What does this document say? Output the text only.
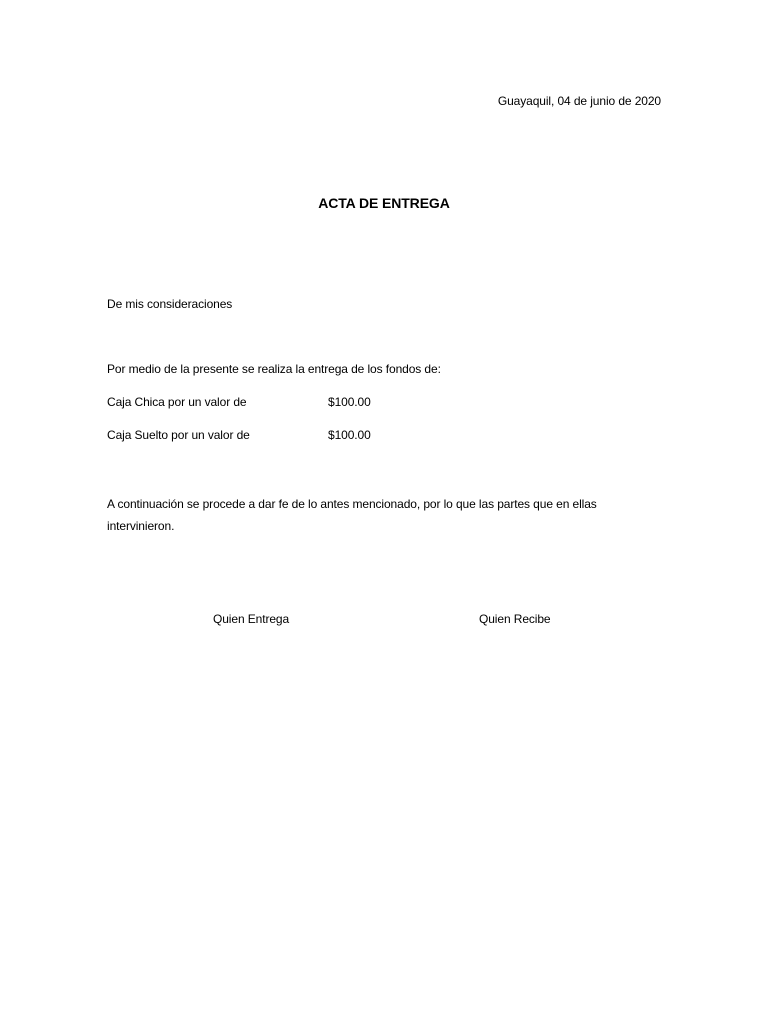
Guayaquil, 04 de junio de 2020
ACTA DE ENTREGA
De mis consideraciones
Por medio de la presente se realiza la entrega de los fondos de:
Caja Chica por un valor de	$100.00
Caja Suelto por un valor de	$100.00
A continuación se procede a dar fe de lo antes mencionado, por lo que las partes que en ellas intervinieron.
Quien Entrega	Quien Recibe
